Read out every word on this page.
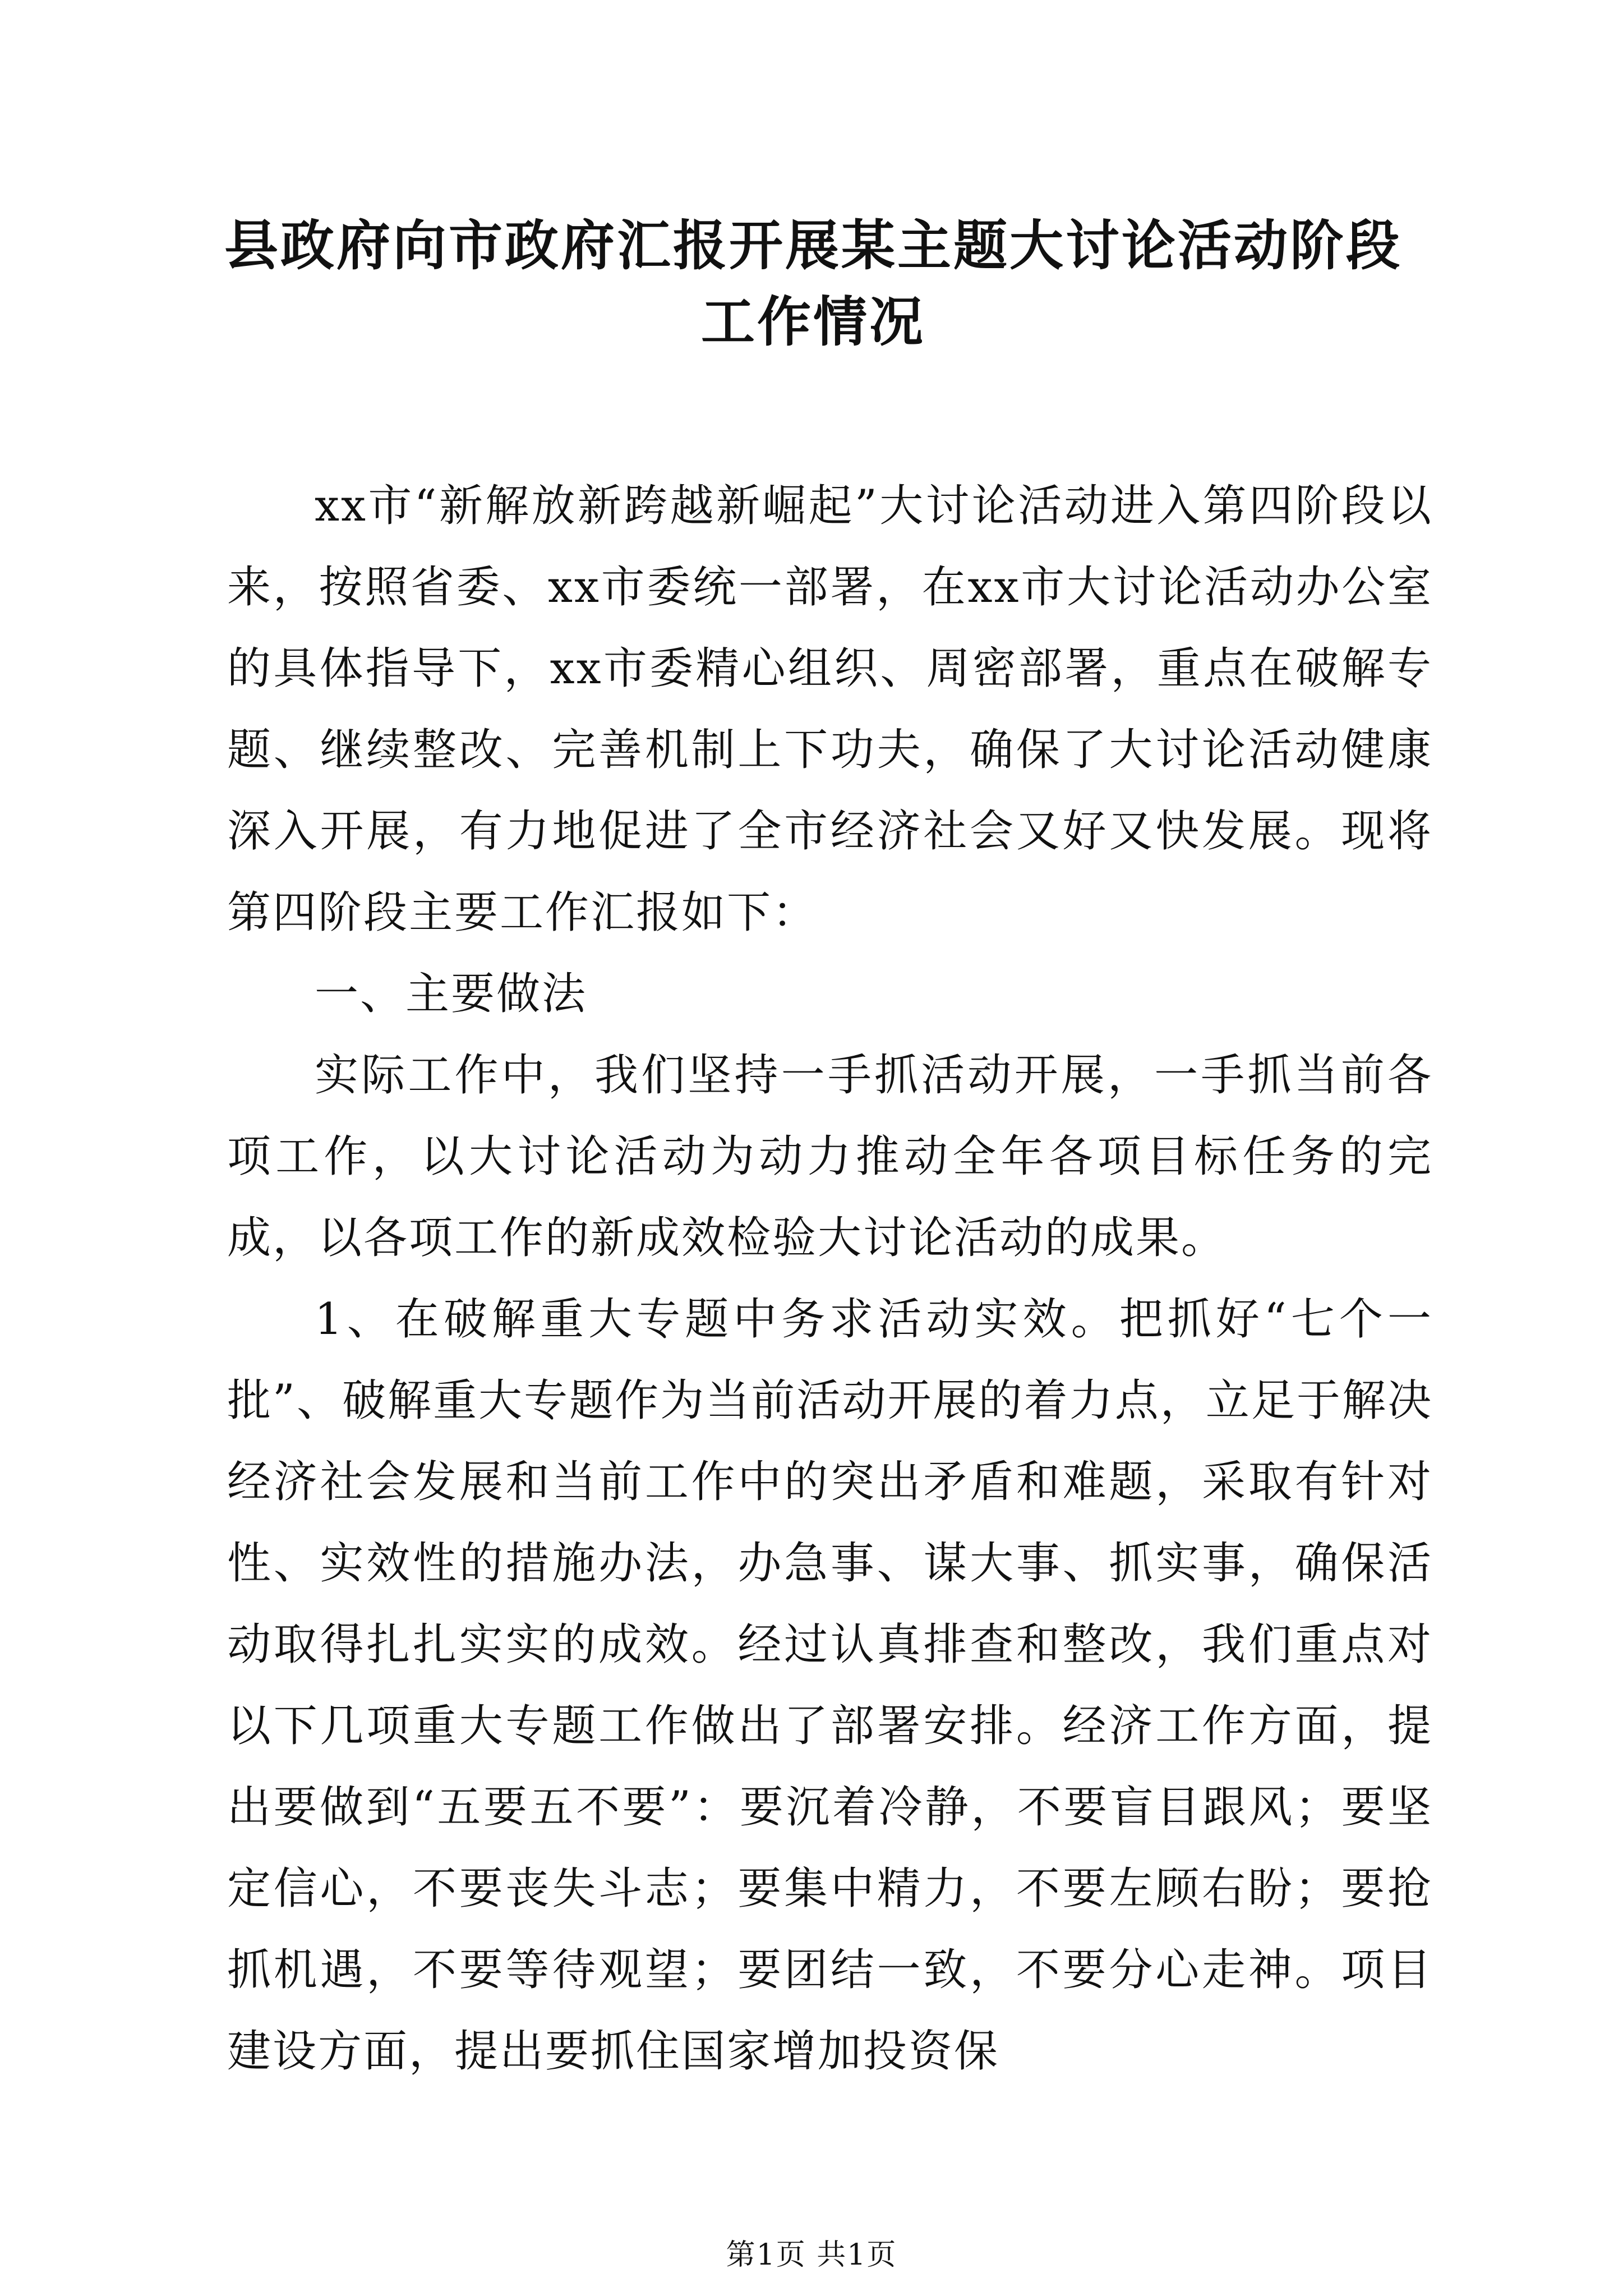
县政府向市政府汇报开展某主题大讨论活动阶段工作情况

xx市“新解放新跨越新崛起”大讨论活动进入第四阶段以来，按照省委、xx市委统一部署，在xx市大讨论活动办公室的具体指导下，xx市委精心组织、周密部署，重点在破解专题、继续整改、完善机制上下功夫，确保了大讨论活动健康深入开展，有力地促进了全市经济社会又好又快发展。现将第四阶段主要工作汇报如下：

一、主要做法

实际工作中，我们坚持一手抓活动开展，一手抓当前各项工作，以大讨论活动为动力推动全年各项目标任务的完成，以各项工作的新成效检验大讨论活动的成果。

1、在破解重大专题中务求活动实效。把抓好“七个一批”、破解重大专题作为当前活动开展的着力点，立足于解决经济社会发展和当前工作中的突出矛盾和难题，采取有针对性、实效性的措施办法，办急事、谋大事、抓实事，确保活动取得扎扎实实的成效。经过认真排查和整改，我们重点对以下几项重大专题工作做出了部署安排。经济工作方面，提出要做到“五要五不要”：要沉着冷静，不要盲目跟风；要坚定信心，不要丧失斗志；要集中精力，不要左顾右盼；要抢抓机遇，不要等待观望；要团结一致，不要分心走神。项目建设方面，提出要抓住国家增加投资保

第1页 共1页
